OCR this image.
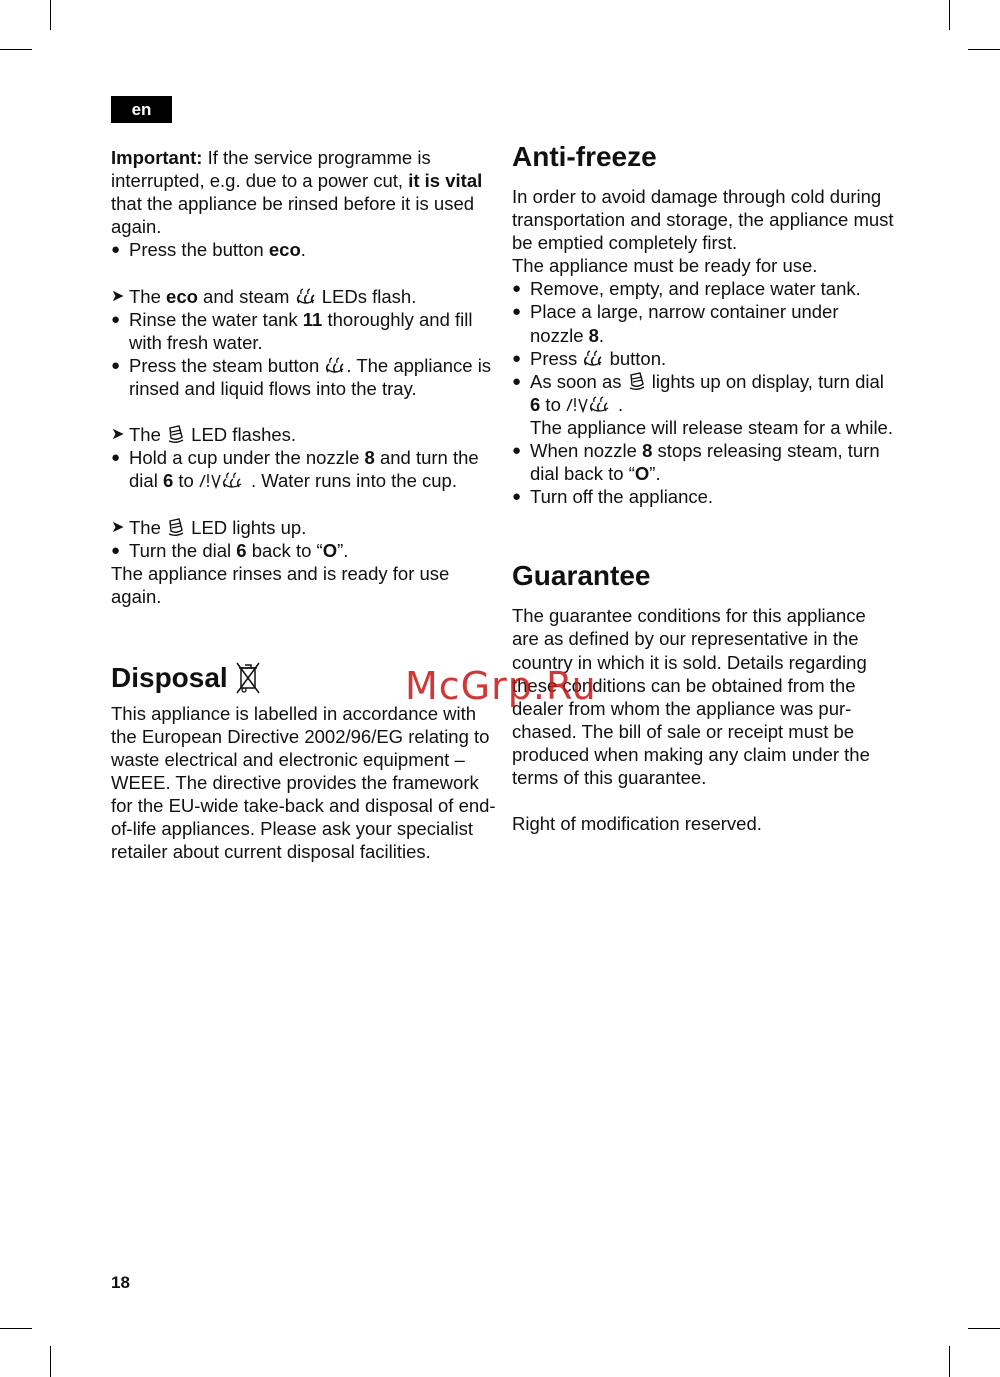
en

Important: If the service programme is interrupted, e.g. due to a power cut, it is vital that the appliance be rinsed before it is used again.

● Press the button eco.
➤ The eco and steam  LEDs flash.
● Rinse the water tank 11 thoroughly and fill with fresh water.
● Press the steam button . The appliance is rinsed and liquid flows into the tray.
➤ The  LED flashes.
● Hold a cup under the nozzle 8 and turn the dial 6 to	. Water runs into the cup.
➤ The  LED lights up.
● Turn the dial 6 back to “O”.

The appliance rinses and is ready for use again.

Disposal

This appliance is labelled in accordance with the European Directive 2002/96/EG relating to waste electrical and electronic equipment – WEEE. The directive provides the framework for the EU-wide take-back and disposal of end-of-life appliances. Please ask your specialist retailer about current disposal facilities.

Anti-freeze

In order to avoid damage through cold during transportation and storage, the appliance must be emptied completely first.

The appliance must be ready for use.

● Remove, empty, and replace water tank.
● Place a large, narrow container under nozzle 8.
● Press  button.
● As soon as  lights up on display, turn dial 6 to	.
The appliance will release steam for a while.
● When nozzle 8 stops releasing steam, turn dial back to “O”.
● Turn off the appliance.
Guarantee

The guarantee conditions for this appliance are as defined by our representative in the country in which it is sold. Details regarding these conditions can be obtained from the dealer from whom the appliance was pur-chased. The bill of sale or receipt must be produced when making any claim under the terms of this guarantee.

Right of modification reserved.

McGrp.Ru
18
